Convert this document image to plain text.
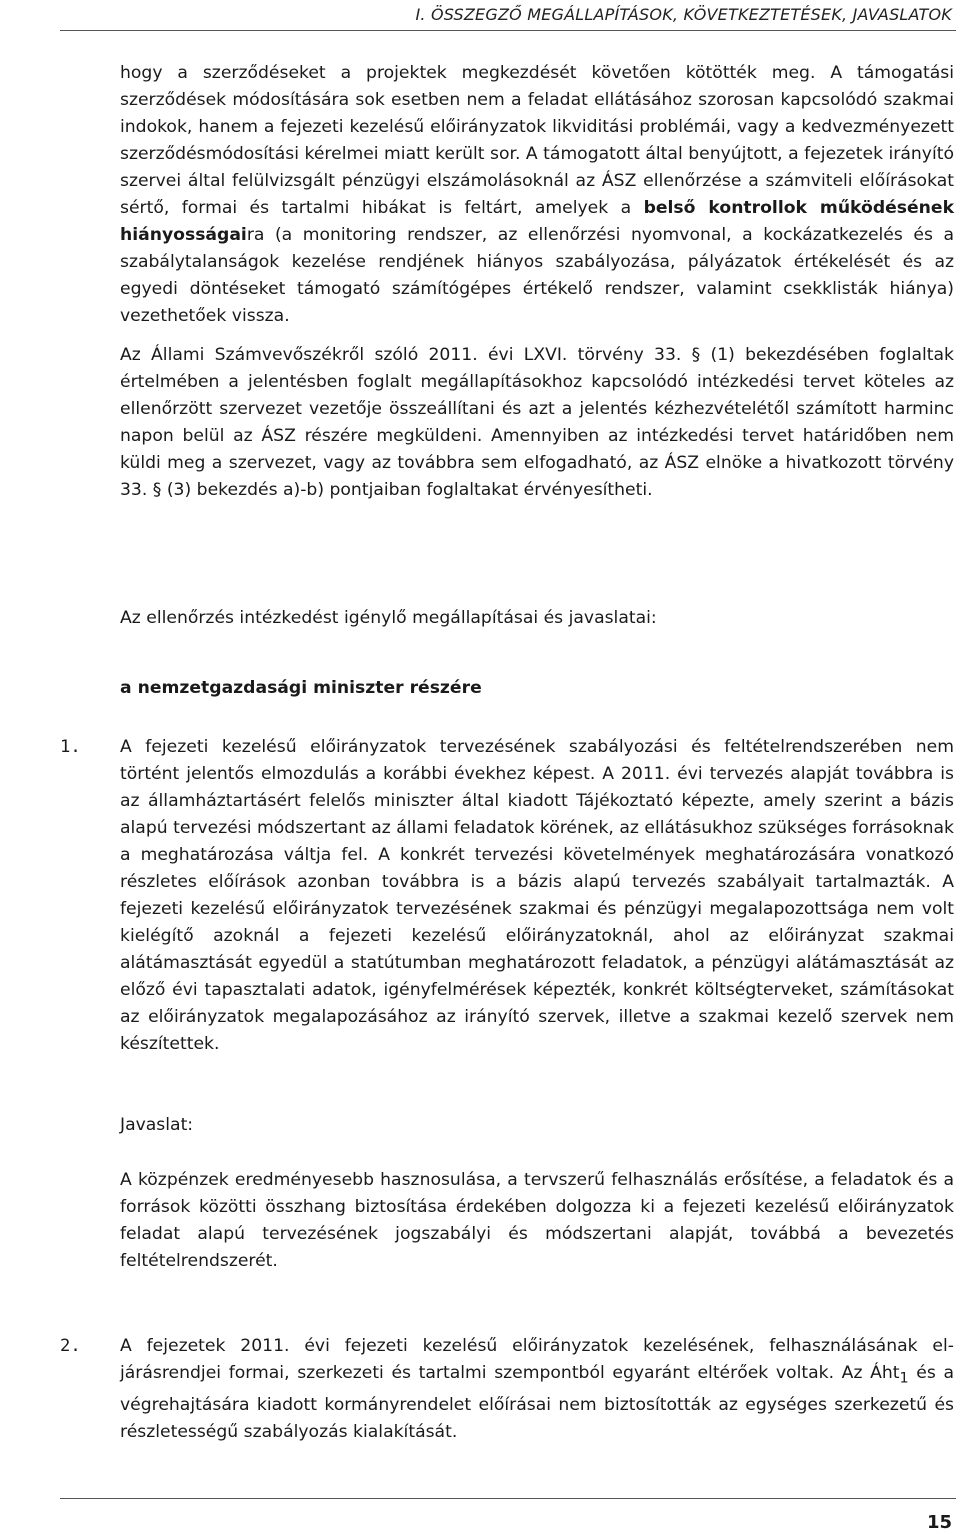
I. ÖSSZEGZŐ MEGÁLLAPÍTÁSOK, KÖVETKEZTETÉSEK, JAVASLATOK

hogy a szerződéseket a projektek megkezdését követően kötötték meg. A támogatási szerződések módosítására sok esetben nem a feladat ellátásához szorosan kapcsolódó szakmai indokok, hanem a fejezeti kezelésű előirányzatok likviditási problémái, vagy a kedvezményezett szerződésmódosítási kérelmei miatt került sor. A támogatott által benyújtott, a fejezetek irányító szervei által felülvizsgált pénzügyi elszámolásoknál az ÁSZ ellenőrzése a számviteli előírásokat sértő, formai és tartalmi hibákat is feltárt, amelyek a belső kontrollok működésének hiányosságaira (a monitoring rendszer, az ellenőrzési nyomvonal, a kockázatkezelés és a szabálytalanságok kezelése rendjének hiányos szabályozása, pályázatok értékelését és az egyedi döntéseket támogató számítógépes értékelő rendszer, valamint csekklisták hiánya) vezethetőek vissza.

Az Állami Számvevőszékről szóló 2011. évi LXVI. törvény 33. § (1) bekezdésében foglaltak értelmében a jelentésben foglalt megállapításokhoz kapcsolódó intézkedési tervet köteles az ellenőrzött szervezet vezetője összeállítani és azt a jelentés kézhezvételétől számított harminc napon belül az ÁSZ részére megküldeni. Amennyiben az intézkedési tervet határidőben nem küldi meg a szervezet, vagy az továbbra sem elfogadható, az ÁSZ elnöke a hivatkozott törvény 33. § (3) bekezdés a)-b) pontjaiban foglaltakat érvényesítheti.

Az ellenőrzés intézkedést igénylő megállapításai és javaslatai:

a nemzetgazdasági miniszter részére
1. A fejezeti kezelésű előirányzatok tervezésének szabályozási és feltételrendszerében nem történt jelentős elmozdulás a korábbi évekhez képest. A 2011. évi tervezés alapját továbbra is az államháztartásért felelős miniszter által kiadott Tájékoztató képezte, amely szerint a bázis alapú tervezési módszertant az állami feladatok körének, az ellátásukhoz szükséges forrásoknak a meghatározása váltja fel. A konkrét tervezési követelmények meghatározására vonatkozó részletes előírások azonban továbbra is a bázis alapú tervezés szabályait tartalmazták. A fejezeti kezelésű előirányzatok tervezésének szakmai és pénzügyi megalapozottsága nem volt kielégítő azoknál a fejezeti kezelésű előirányzatoknál, ahol az előirányzat szakmai alátámasztását egyedül a statútumban meghatározott feladatok, a pénzügyi alátámasztását az előző évi tapasztalati adatok, igényfelmérések képezték, konkrét költségterveket, számításokat az előirányzatok megalapozásához az irányító szervek, illetve a szakmai kezelő szervek nem készítettek.

Javaslat:

A közpénzek eredményesebb hasznosulása, a tervszerű felhasználás erősítése, a feladatok és a források közötti összhang biztosítása érdekében dolgozza ki a fejezeti kezelésű előirányzatok feladat alapú tervezésének jogszabályi és módszertani alapját, továbbá a bevezetés feltételrendszerét.

2. A fejezetek 2011. évi fejezeti kezelésű előirányzatok kezelésének, felhasználásának eljárásrendjei formai, szerkezeti és tartalmi szempontból egyaránt eltérőek voltak. Az Áht$_1$ és a végrehajtására kiadott kormányrendelet előírásai nem biztosították az egységes szerkezetű és részletességű szabályozás kialakítását.

15
